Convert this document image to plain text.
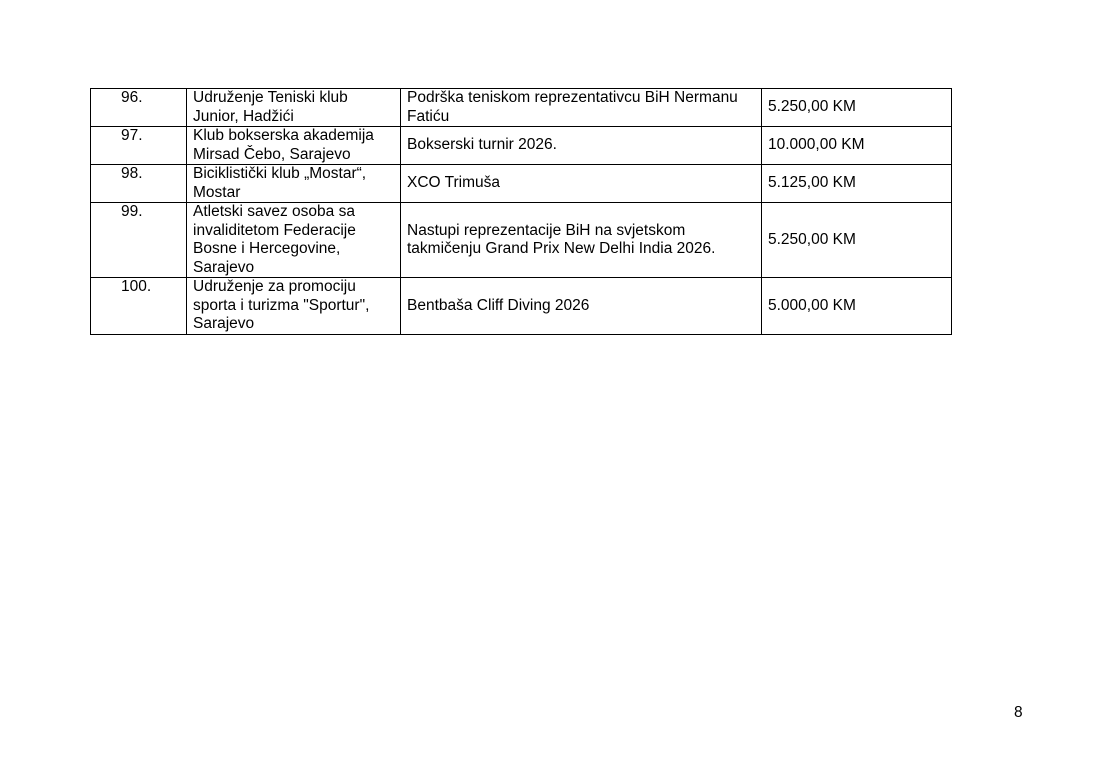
96.	Udruženje Teniski klub
Junior, Hadžići	Podrška teniskom reprezentativcu BiH Nermanu
Fatiću	5.250,00 KM
97.	Klub bokserska akademija
Mirsad Čebo, Sarajevo	Bokserski turnir 2026.	10.000,00 KM
98.	Biciklistički klub „Mostar“,
Mostar	XCO Trimuša	5.125,00 KM
99.	Atletski savez osoba sa
invaliditetom Federacije
Bosne i Hercegovine,
Sarajevo	Nastupi reprezentacije BiH na svjetskom
takmičenju Grand Prix New Delhi India 2026.	5.250,00 KM
100.	Udruženje za promociju
sporta i turizma "Sportur",
Sarajevo	Bentbaša Cliff Diving 2026	5.000,00 KM
8
